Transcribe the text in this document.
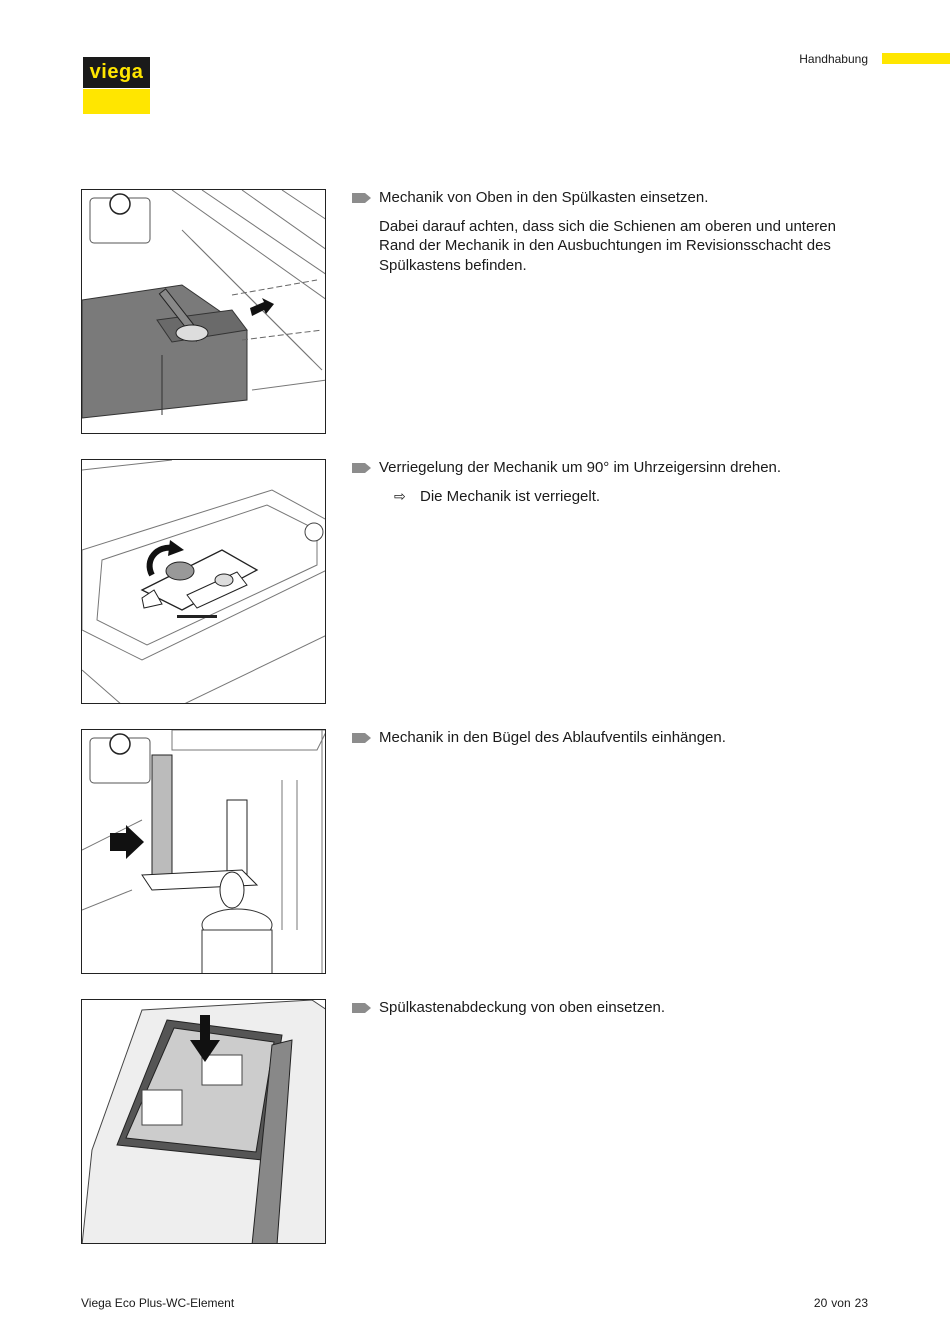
viega
Handhabung
Mechanik von Oben in den Spülkasten einsetzen.
Dabei darauf achten, dass sich die Schienen am oberen und unteren Rand der Mechanik in den Ausbuchtungen im Revisionsschacht des Spülkastens befinden.
Verriegelung der Mechanik um 90° im Uhrzeigersinn drehen.
⇨ Die Mechanik ist verriegelt.
Mechanik in den Bügel des Ablaufventils einhängen.
Spülkastenabdeckung von oben einsetzen.
Viega Eco Plus-WC-Element	20 von 23
